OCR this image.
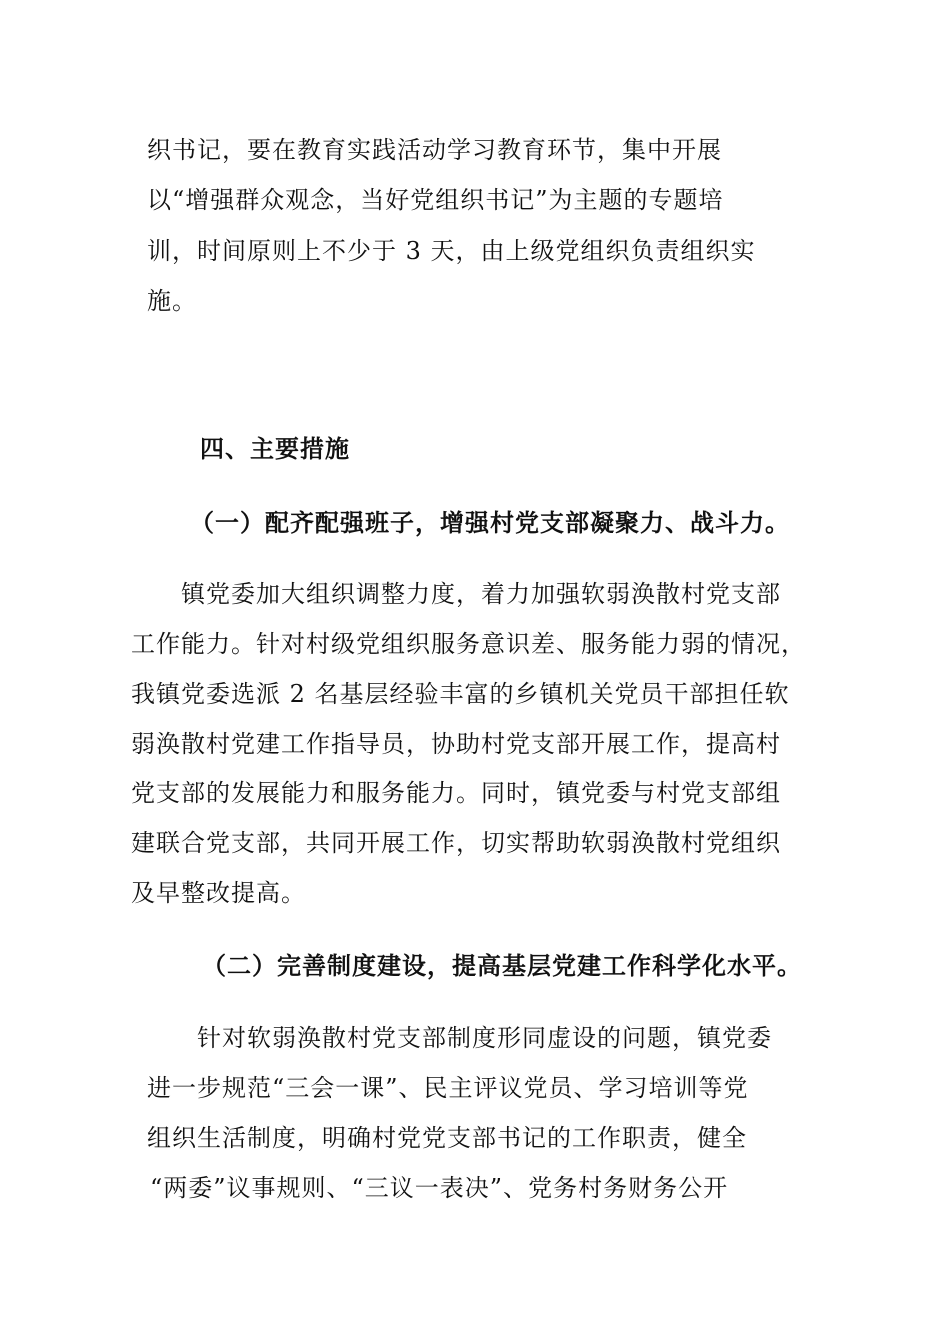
织书记，要在教育实践活动学习教育环节，集中开展
以“增强群众观念，当好党组织书记”为主题的专题培
训，时间原则上不少于 3 天，由上级党组织负责组织实
施。
四、主要措施
（一）配齐配强班子，增强村党支部凝聚力、战斗力。
镇党委加大组织调整力度，着力加强软弱涣散村党支部
工作能力。针对村级党组织服务意识差、服务能力弱的情况，
我镇党委选派 2 名基层经验丰富的乡镇机关党员干部担任软
弱涣散村党建工作指导员，协助村党支部开展工作，提高村
党支部的发展能力和服务能力。同时，镇党委与村党支部组
建联合党支部，共同开展工作，切实帮助软弱涣散村党组织
及早整改提高。
（二）完善制度建设，提高基层党建工作科学化水平。
针对软弱涣散村党支部制度形同虚设的问题，镇党委
进一步规范“三会一课”、民主评议党员、学习培训等党
组织生活制度，明确村党党支部书记的工作职责，健全
“两委”议事规则、“三议一表决”、党务村务财务公开
